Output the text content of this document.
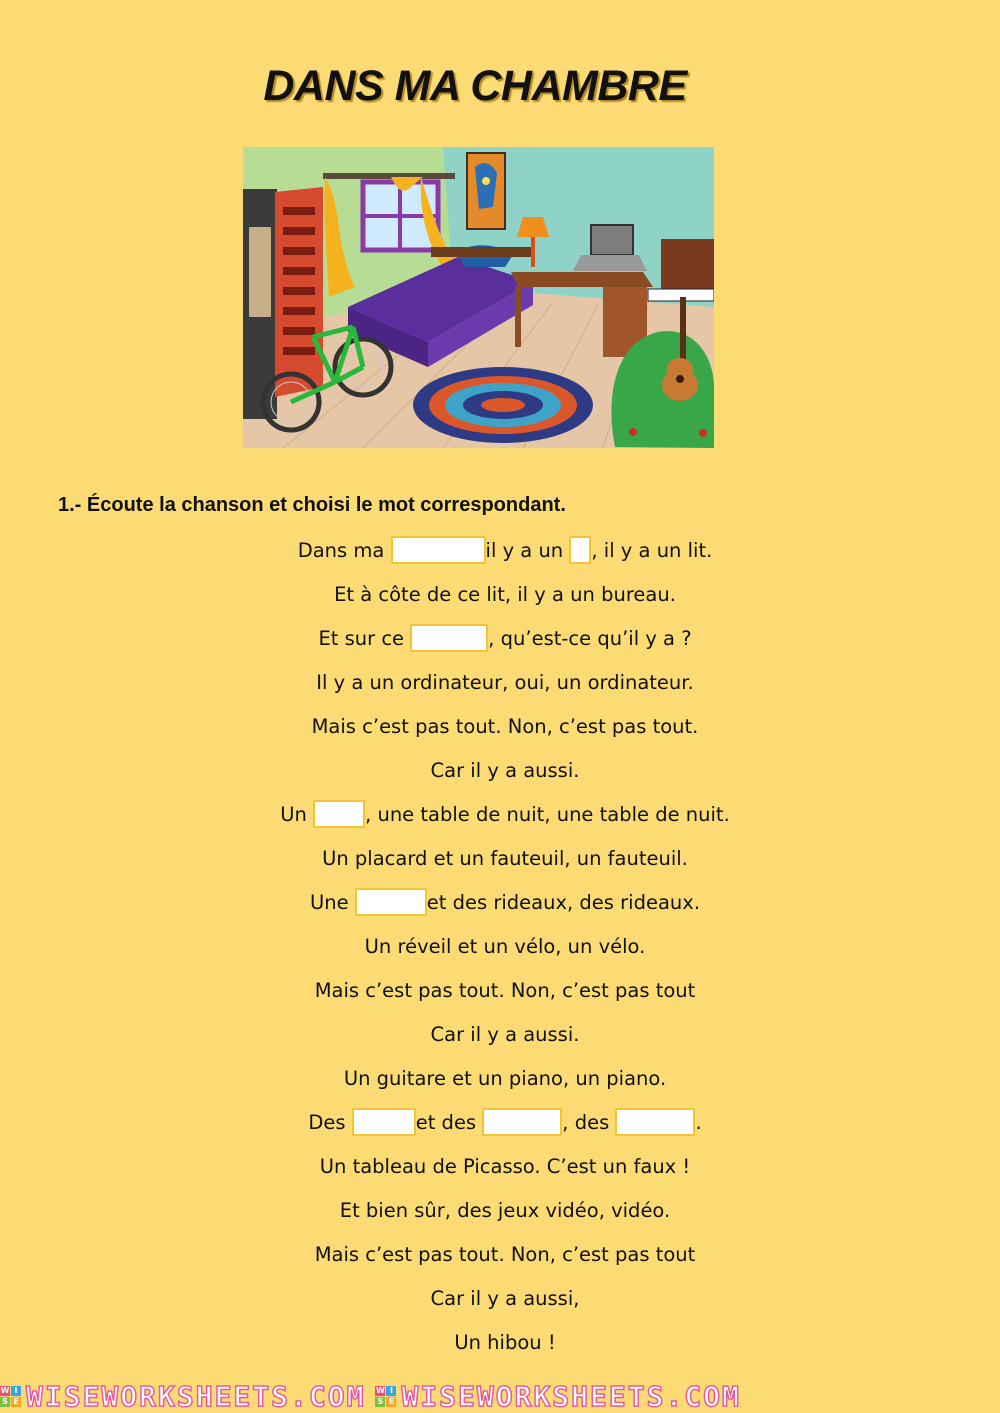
DANS MA CHAMBRE
1.- Écoute la chanson et choisi le mot correspondant.
Dans ma	il y a un , il y a un lit.
Et à côte de ce lit, il y a un bureau.
Et sur ce	, qu’est-ce qu’il y a ?
Il y a un ordinateur, oui, un ordinateur.
Mais c’est pas tout. Non, c’est pas tout.
Car il y a aussi.
Un	, une table de nuit, une table de nuit.
Un placard et un fauteuil, un fauteuil.
Une	et des rideaux, des rideaux.
Un réveil et un vélo, un vélo.
Mais c’est pas tout. Non, c’est pas tout
Car il y a aussi.
Un guitare et un piano, un piano.
Des	et des	, des	.
Un tableau de Picasso. C’est un faux !
Et bien sûr, des jeux vidéo, vidéo.
Mais c’est pas tout. Non, c’est pas tout
Car il y a aussi,
Un hibou !
W I
S E WISEWORKSHEETS.COM W I
S E WISEWORKSHEETS.COM
